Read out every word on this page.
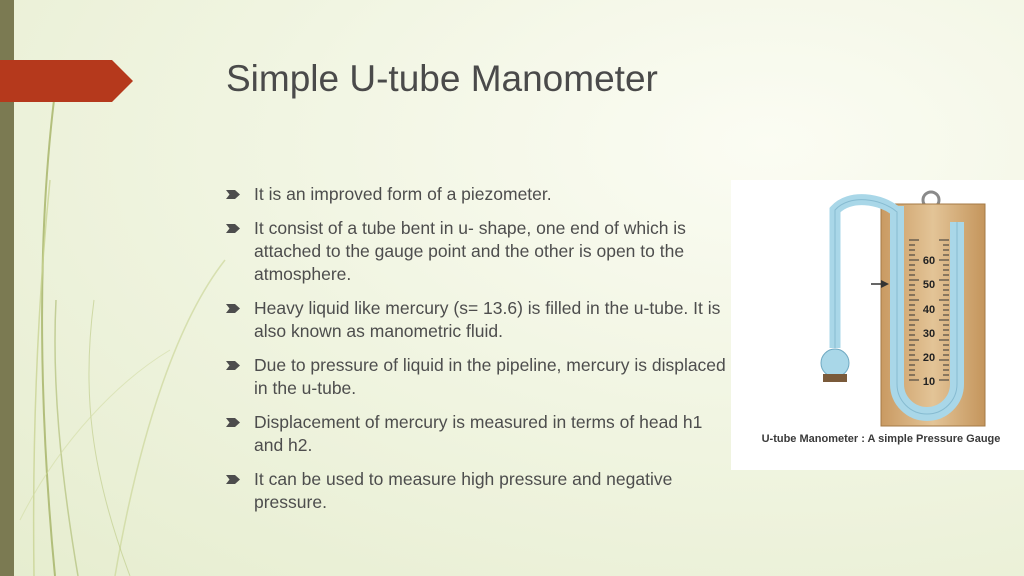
Simple U-tube Manometer
It is an improved form of a piezometer.
It consist of a tube bent in u- shape, one end of which is attached to the gauge point and the other is open to the atmosphere.
Heavy liquid like mercury (s= 13.6) is filled in the u-tube. It is also known as manometric fluid.
Due to pressure of liquid in the pipeline, mercury is displaced in the u-tube.
Displacement of mercury is measured in terms of head h1 and h2.
It can be used to measure high pressure and negative pressure.
60
50
40
30
20
10
U-tube Manometer : A simple Pressure Gauge
